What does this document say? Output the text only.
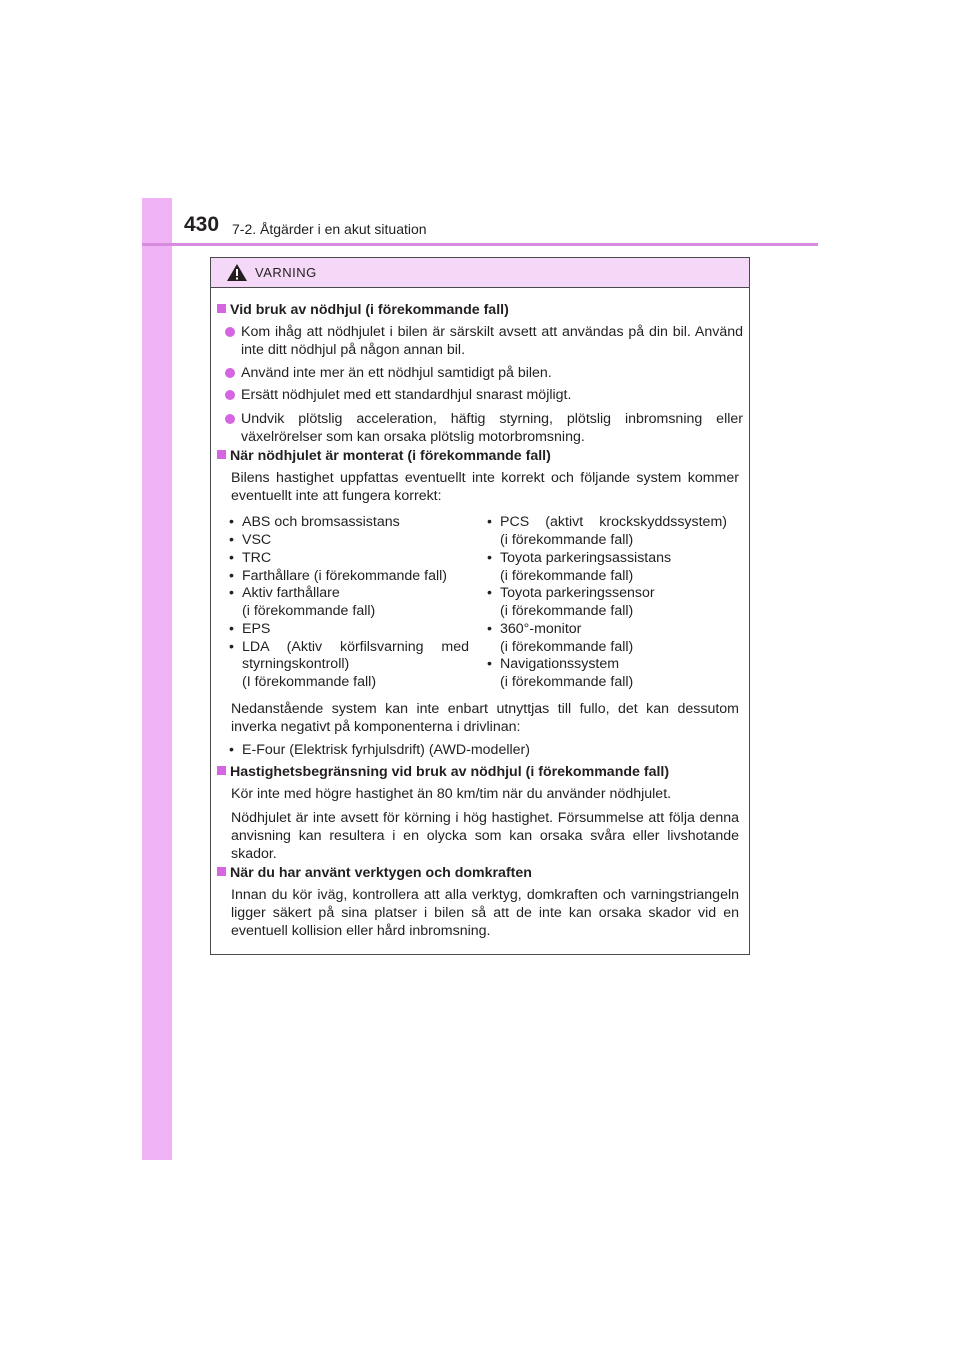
430 7-2. Åtgärder i en akut situation
VARNING
Vid bruk av nödhjul (i förekommande fall)
Kom ihåg att nödhjulet i bilen är särskilt avsett att användas på din bil. Använd inte ditt nödhjul på någon annan bil.
Använd inte mer än ett nödhjul samtidigt på bilen.
Ersätt nödhjulet med ett standardhjul snarast möjligt.
Undvik plötslig acceleration, häftig styrning, plötslig inbromsning eller växelrörelser som kan orsaka plötslig motorbromsning.
När nödhjulet är monterat (i förekommande fall)
Bilens hastighet uppfattas eventuellt inte korrekt och följande system kommer eventuellt inte att fungera korrekt:
• ABS och bromsassistans
• VSC
• TRC
• Farthållare (i förekommande fall)
• Aktiv farthållare
(i förekommande fall)
• EPS
• LDA (Aktiv körfilsvarning med
styrningskontroll)
(I förekommande fall)
• PCS (aktivt krockskyddssystem)
(i förekommande fall)
• Toyota parkeringsassistans
(i förekommande fall)
• Toyota parkeringssensor
(i förekommande fall)
• 360°-monitor
(i förekommande fall)
• Navigationssystem
(i förekommande fall)
Nedanstående system kan inte enbart utnyttjas till fullo, det kan dessutom inverka negativt på komponenterna i drivlinan:
• E-Four (Elektrisk fyrhjulsdrift) (AWD-modeller)
Hastighetsbegränsning vid bruk av nödhjul (i förekommande fall)
Kör inte med högre hastighet än 80 km/tim när du använder nödhjulet.
Nödhjulet är inte avsett för körning i hög hastighet. Försummelse att följa denna anvisning kan resultera i en olycka som kan orsaka svåra eller livshotande skador.
När du har använt verktygen och domkraften
Innan du kör iväg, kontrollera att alla verktyg, domkraften och varningstriangeln ligger säkert på sina platser i bilen så att de inte kan orsaka skador vid en eventuell kollision eller hård inbromsning.
